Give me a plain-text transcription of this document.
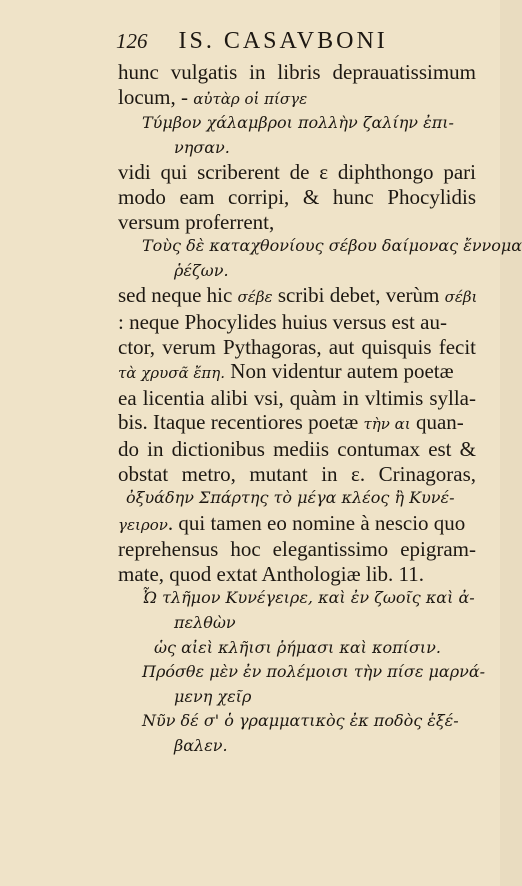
126 IS. CASAVBONI
hunc vulgatis in libris deprauatissimum
locum, - αὐτὰρ οἱ πίσγε
Τύμβον χάλαμβροι πολλὴν ζαλίην ἐπι-
νησαν.
vidi qui scriberent de ε diphthongo pari
modo eam corripi, & hunc Phocylidis
versum proferrent,
Τοὺς δὲ καταχθονίους σέβου δαίμονας ἔννομα
ῥέζων.
sed neque hic σέβε scribi debet, verùm σέβι
: neque Phocylides huius versus est au-
ctor, verum Pythagoras, aut quisquis fecit
τὰ χρυσᾶ ἔπη. Non videntur autem poetæ
ea licentia alibi vsi, quàm in vltimis sylla-
bis. Itaque recentiores poetæ τὴν αι quan-
do in dictionibus mediis contumax est &
obstat metro, mutant in ε. Crinagoras,
ὀξυάδην Σπάρτης τὸ μέγα κλέος ἢ Κυνέ-
γειρον. qui tamen eo nomine à nescio quo
reprehensus hoc elegantissimo epigram-
mate, quod extat Anthologiæ lib. 11.
Ὦ τλῆμον Κυνέγειρε, καὶ ἐν ζωοῖς καὶ ἀ-
πελθὼν
ὡς αἰεὶ κλῆισι ῥήμασι καὶ κοπίσιν.
Πρόσθε μὲν ἐν πολέμοισι τὴν πίσε μαρνά-
μενη χεῖρ
Νῦν δέ σ' ὁ γραμματικὸς ἐκ ποδὸς ἐξέ-
βαλεν.
